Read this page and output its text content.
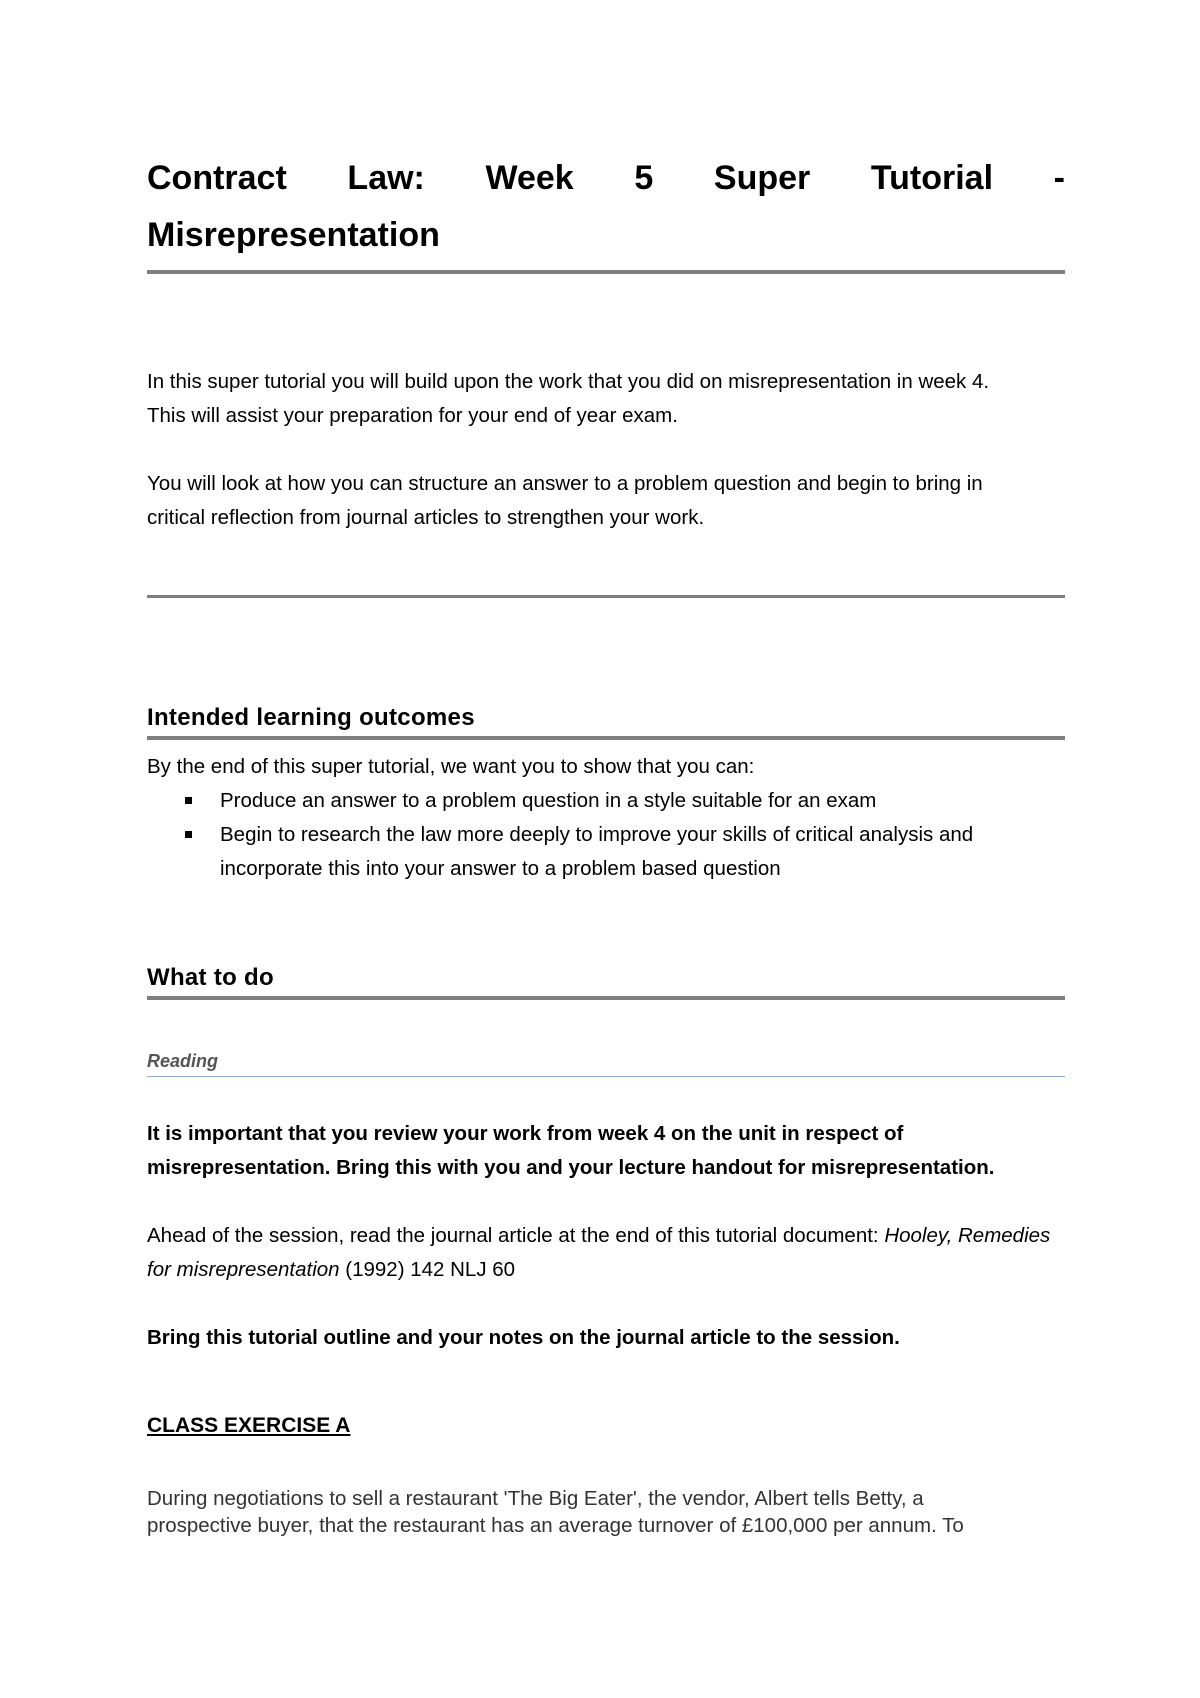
Contract Law: Week 5 Super Tutorial -
Misrepresentation

In this super tutorial you will build upon the work that you did on misrepresentation in week 4.
This will assist your preparation for your end of year exam.

You will look at how you can structure an answer to a problem question and begin to bring in
critical reflection from journal articles to strengthen your work.

Intended learning outcomes

By the end of this super tutorial, we want you to show that you can:

Produce an answer to a problem question in a style suitable for an exam
Begin to research the law more deeply to improve your skills of critical analysis and incorporate this into your answer to a problem based question
What to do
Reading

It is important that you review your work from week 4 on the unit in respect of
misrepresentation. Bring this with you and your lecture handout for misrepresentation.

Ahead of the session, read the journal article at the end of this tutorial document: Hooley, Remedies for misrepresentation (1992) 142 NLJ 60

Bring this tutorial outline and your notes on the journal article to the session.

CLASS EXERCISE A

During negotiations to sell a restaurant 'The Big Eater', the vendor, Albert tells Betty, a
prospective buyer, that the restaurant has an average turnover of £100,000 per annum. To
